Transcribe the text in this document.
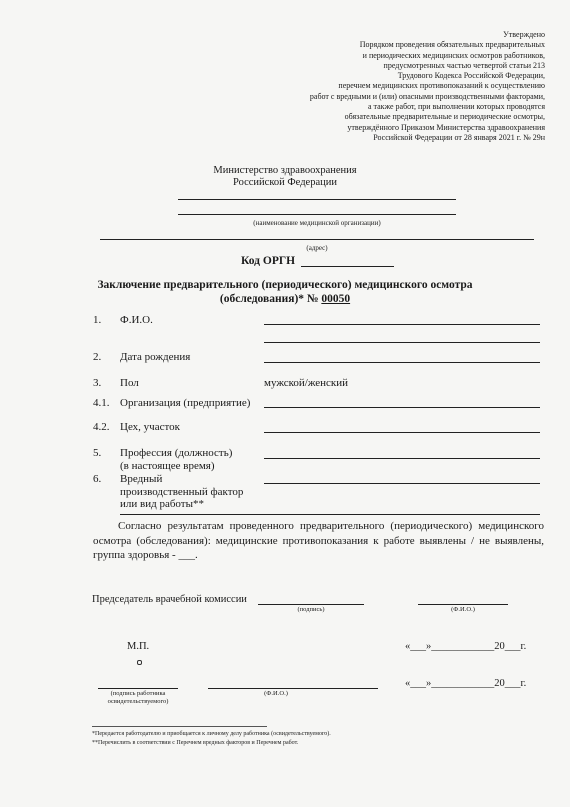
Утверждено
Порядком проведения обязательных предварительных
и периодических медицинских осмотров работников,
предусмотренных частью четвертой статьи 213
Трудового Кодекса Российской Федерации,
перечнем медицинских противопоказаний к осуществлению
работ с вредными и (или) опасными производственными факторами,
а также работ, при выполнении которых проводятся
обязательные предварительные и периодические осмотры,
утверждённого Приказом Министерства здравоохранения
Российской Федерации от 28 января 2021 г. № 29н
Министерство здравоохранения
Российской Федерации
(наименование медицинской организации)
(адрес)
Код ОРГН
Заключение предварительного (периодического) медицинского осмотра
(обследования)* № 00050
1. Ф.И.О.
2. Дата рождения
3. Пол	мужской/женский
4.1. Организация (предприятие)
4.2. Цех, участок
5. Профессия (должность)
(в настоящее время)
6. Вредный
производственный фактор
или вид работы**
Согласно результатам проведенного предварительного (периодического) медицинского осмотра (обследования): медицинские противопоказания к работе выявлены / не выявлены, группа здоровья - ___.
Председатель врачебной комиссии
(подпись)	(Ф.И.О.)
М.П.	«___»____________20___г.
(подпись работника
освидетельствуемого)
(Ф.И.О.)
«___»____________20___г.
*Передается работодателю и приобщается к личному делу работника (освидетельствуемого).
**Перечислить в соответствии с Перечнем вредных факторов и Перечнем работ.
